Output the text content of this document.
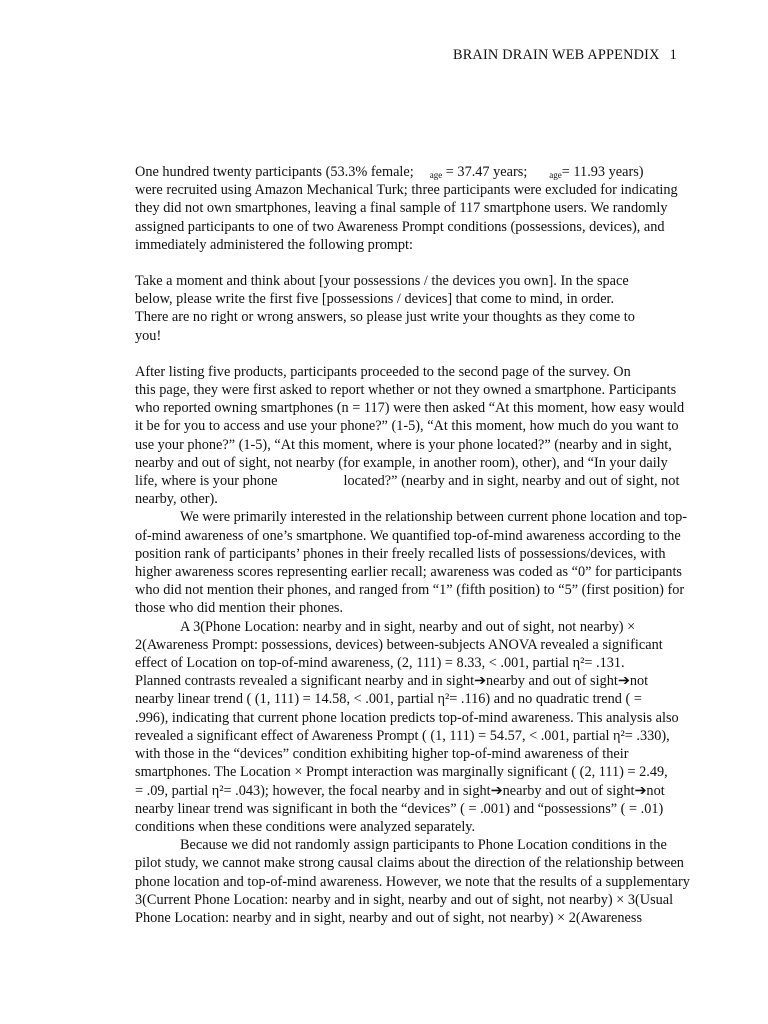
BRAIN DRAIN WEB APPENDIX 1

One hundred twenty participants (53.3% female; $_{age}$ = 37.47 years; $_{age}$= 11.93 years)
were recruited using Amazon Mechanical Turk; three participants were excluded for indicating
they did not own smartphones, leaving a final sample of 117 smartphone users. We randomly
assigned participants to one of two Awareness Prompt conditions (possessions, devices), and
immediately administered the following prompt:

Take a moment and think about [your possessions / the devices you own]. In the space
below, please write the first five [possessions / devices] that come to mind, in order.
There are no right or wrong answers, so please just write your thoughts as they come to
you!

After listing five products, participants proceeded to the second page of the survey. On
this page, they were first asked to report whether or not they owned a smartphone. Participants
who reported owning smartphones (n = 117) were then asked “At this moment, how easy would
it be for you to access and use your phone?” (1-5), “At this moment, how much do you want to
use your phone?” (1-5), “At this moment, where is your phone located?” (nearby and in sight,
nearby and out of sight, not nearby (for example, in another room), other), and “In your daily
life, where is your phone	located?” (nearby and in sight, nearby and out of sight, not
nearby, other).

We were primarily interested in the relationship between current phone location and top-
of-mind awareness of one’s smartphone. We quantified top-of-mind awareness according to the
position rank of participants’ phones in their freely recalled lists of possessions/devices, with
higher awareness scores representing earlier recall; awareness was coded as “0” for participants
who did not mention their phones, and ranged from “1” (fifth position) to “5” (first position) for
those who did mention their phones.

A 3(Phone Location: nearby and in sight, nearby and out of sight, not nearby) ×
2(Awareness Prompt: possessions, devices) between-subjects ANOVA revealed a significant
effect of Location on top-of-mind awareness, (2, 111) = 8.33, < .001, partial η²= .131.
Planned contrasts revealed a significant nearby and in sight➔nearby and out of sight➔not
nearby linear trend ( (1, 111) = 14.58, < .001, partial η²= .116) and no quadratic trend ( =
.996), indicating that current phone location predicts top-of-mind awareness. This analysis also
revealed a significant effect of Awareness Prompt ( (1, 111) = 54.57, < .001, partial η²= .330),
with those in the “devices” condition exhibiting higher top-of-mind awareness of their
smartphones. The Location × Prompt interaction was marginally significant ( (2, 111) = 2.49,
= .09, partial η²= .043); however, the focal nearby and in sight➔nearby and out of sight➔not
nearby linear trend was significant in both the “devices” ( = .001) and “possessions” ( = .01)
conditions when these conditions were analyzed separately.

Because we did not randomly assign participants to Phone Location conditions in the
pilot study, we cannot make strong causal claims about the direction of the relationship between
phone location and top-of-mind awareness. However, we note that the results of a supplementary
3(Current Phone Location: nearby and in sight, nearby and out of sight, not nearby) × 3(Usual
Phone Location: nearby and in sight, nearby and out of sight, not nearby) × 2(Awareness
